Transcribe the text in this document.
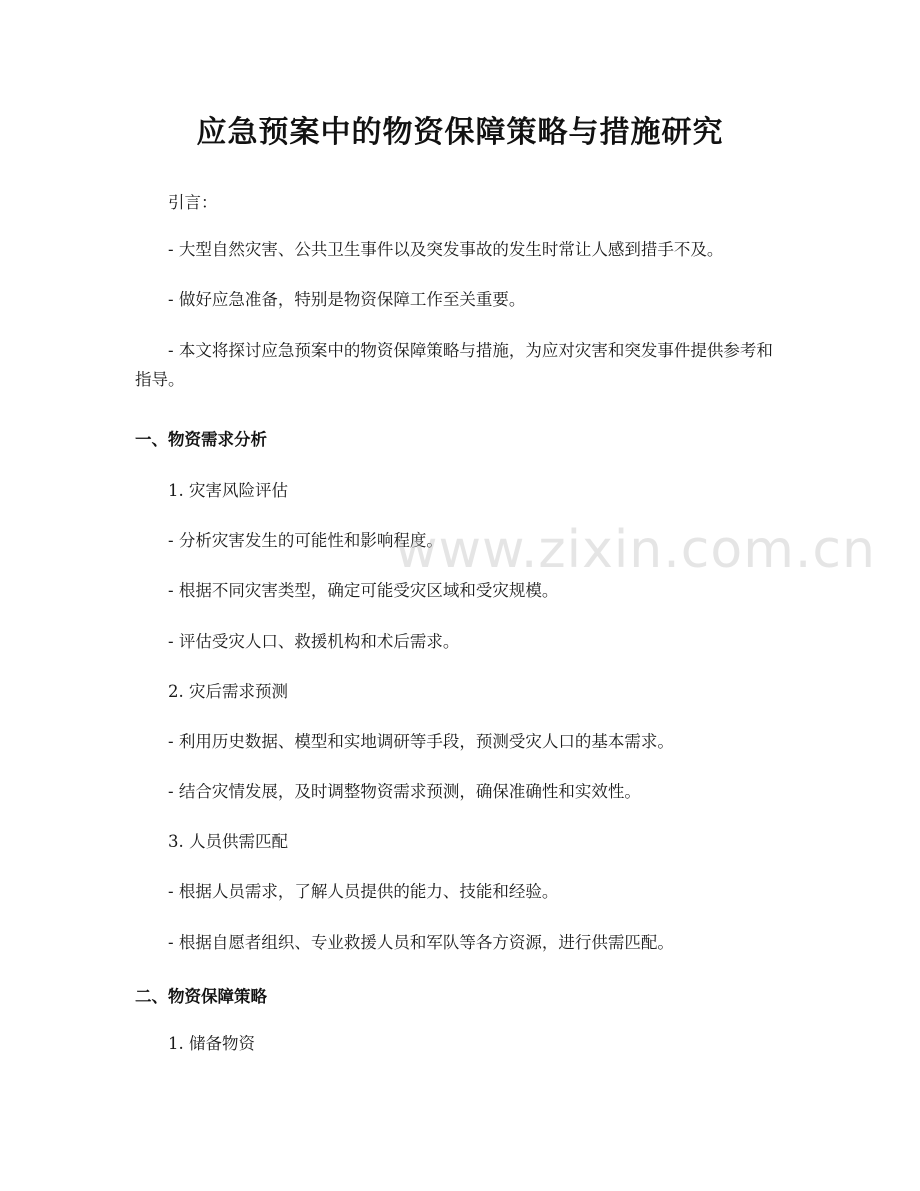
应急预案中的物资保障策略与措施研究
引言：
- 大型自然灾害、公共卫生事件以及突发事故的发生时常让人感到措手不及。
- 做好应急准备，特别是物资保障工作至关重要。
- 本文将探讨应急预案中的物资保障策略与措施，为应对灾害和突发事件提供参考和指导。
一、物资需求分析
1. 灾害风险评估
- 分析灾害发生的可能性和影响程度。
- 根据不同灾害类型，确定可能受灾区域和受灾规模。
- 评估受灾人口、救援机构和术后需求。
2. 灾后需求预测
- 利用历史数据、模型和实地调研等手段，预测受灾人口的基本需求。
- 结合灾情发展，及时调整物资需求预测，确保准确性和实效性。
3. 人员供需匹配
- 根据人员需求，了解人员提供的能力、技能和经验。
- 根据自愿者组织、专业救援人员和军队等各方资源，进行供需匹配。
二、物资保障策略
1. 储备物资
www.zixin.com.cn
